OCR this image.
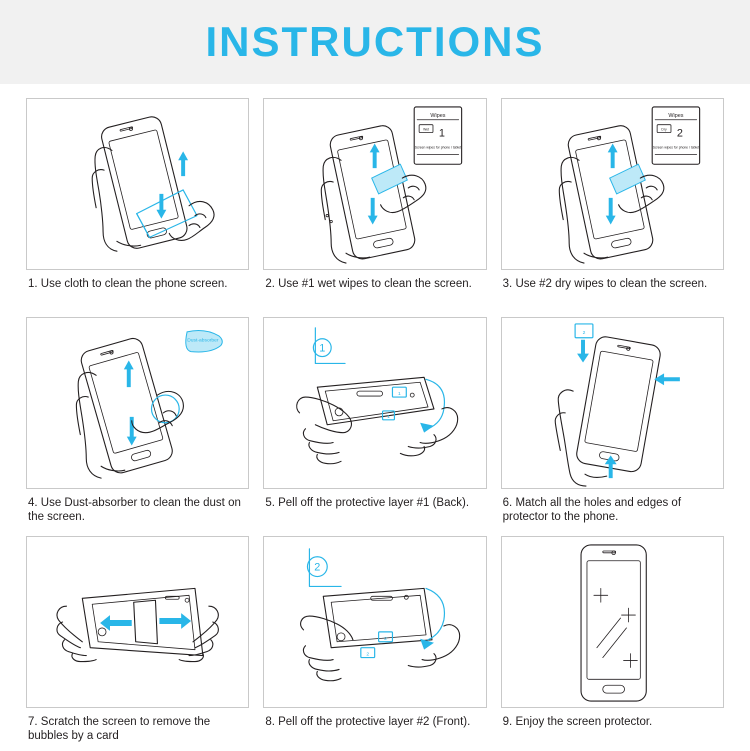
INSTRUCTIONS
1. Use cloth to clean the phone screen.
Wipes
Wet 1
Screen wipes for phone / tablet
2. Use #1 wet wipes to clean the screen.
Wipes
Dry 2
Screen wipes for phone / tablet
3. Use #2 dry wipes to clean the screen.
Dust-absorber
4. Use Dust-absorber to clean the dust on the screen.
1
1
1
5. Pell off the protective layer #1 (Back).
2
6. Match all the holes and edges of protector to the phone.
7. Scratch the screen to remove the bubbles by a card
2
2
2
8. Pell off the protective layer #2 (Front).	9. Enjoy the screen protector.
